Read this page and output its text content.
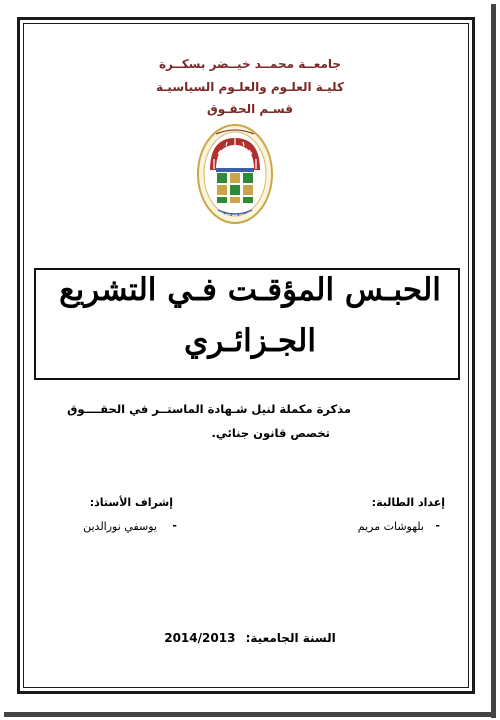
جامعــة محمــد خيــضر بسكــرة
كليـة العلـوم والعلـوم السياسيـة
قسـم الحقـوق
الحبـس المؤقـت فـي التشريع
الجـزائـري
مذكرة مكملة لنيل شـهادة الماستــر في الحقــــوق
تخصص قانون جنائي.
إعداد الطالبة:
-
بلهوشات مريم
إشراف الأستاذ:
-
يوسفي نورالدين
السنة الجامعية: 2014/2013
